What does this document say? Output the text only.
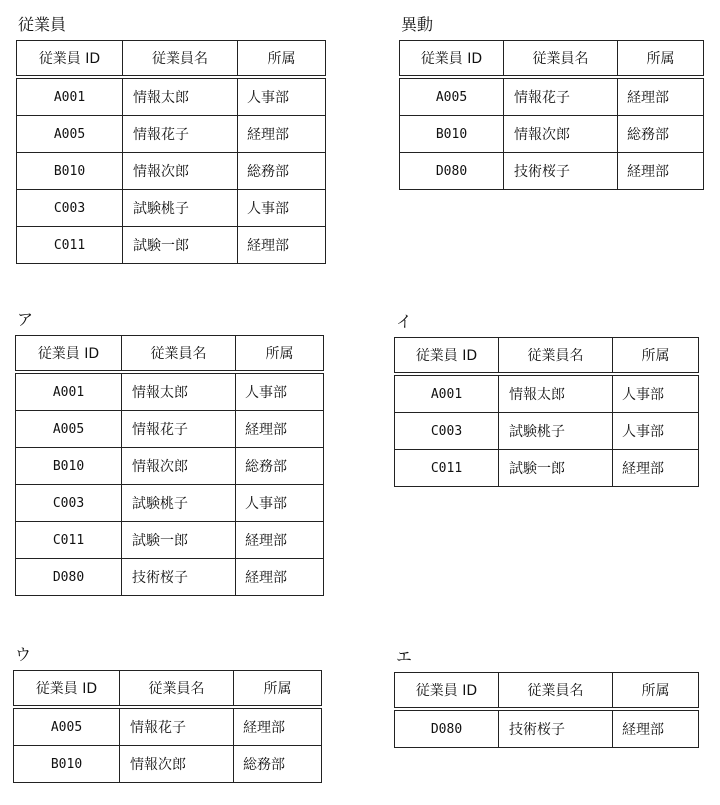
従業員
従業員 ID	従業員名	所属
A001	情報太郎	人事部
A005	情報花子	経理部
B010	情報次郎	総務部
C003	試験桃子	人事部
C011	試験一郎	経理部
異動
従業員 ID	従業員名	所属
A005	情報花子	経理部
B010	情報次郎	総務部
D080	技術桜子	経理部
ア
従業員 ID	従業員名	所属
A001	情報太郎	人事部
A005	情報花子	経理部
B010	情報次郎	総務部
C003	試験桃子	人事部
C011	試験一郎	経理部
D080	技術桜子	経理部
イ
従業員 ID	従業員名	所属
A001	情報太郎	人事部
C003	試験桃子	人事部
C011	試験一郎	経理部
ウ
従業員 ID	従業員名	所属
A005	情報花子	経理部
B010	情報次郎	総務部
エ
従業員 ID	従業員名	所属
D080	技術桜子	経理部
